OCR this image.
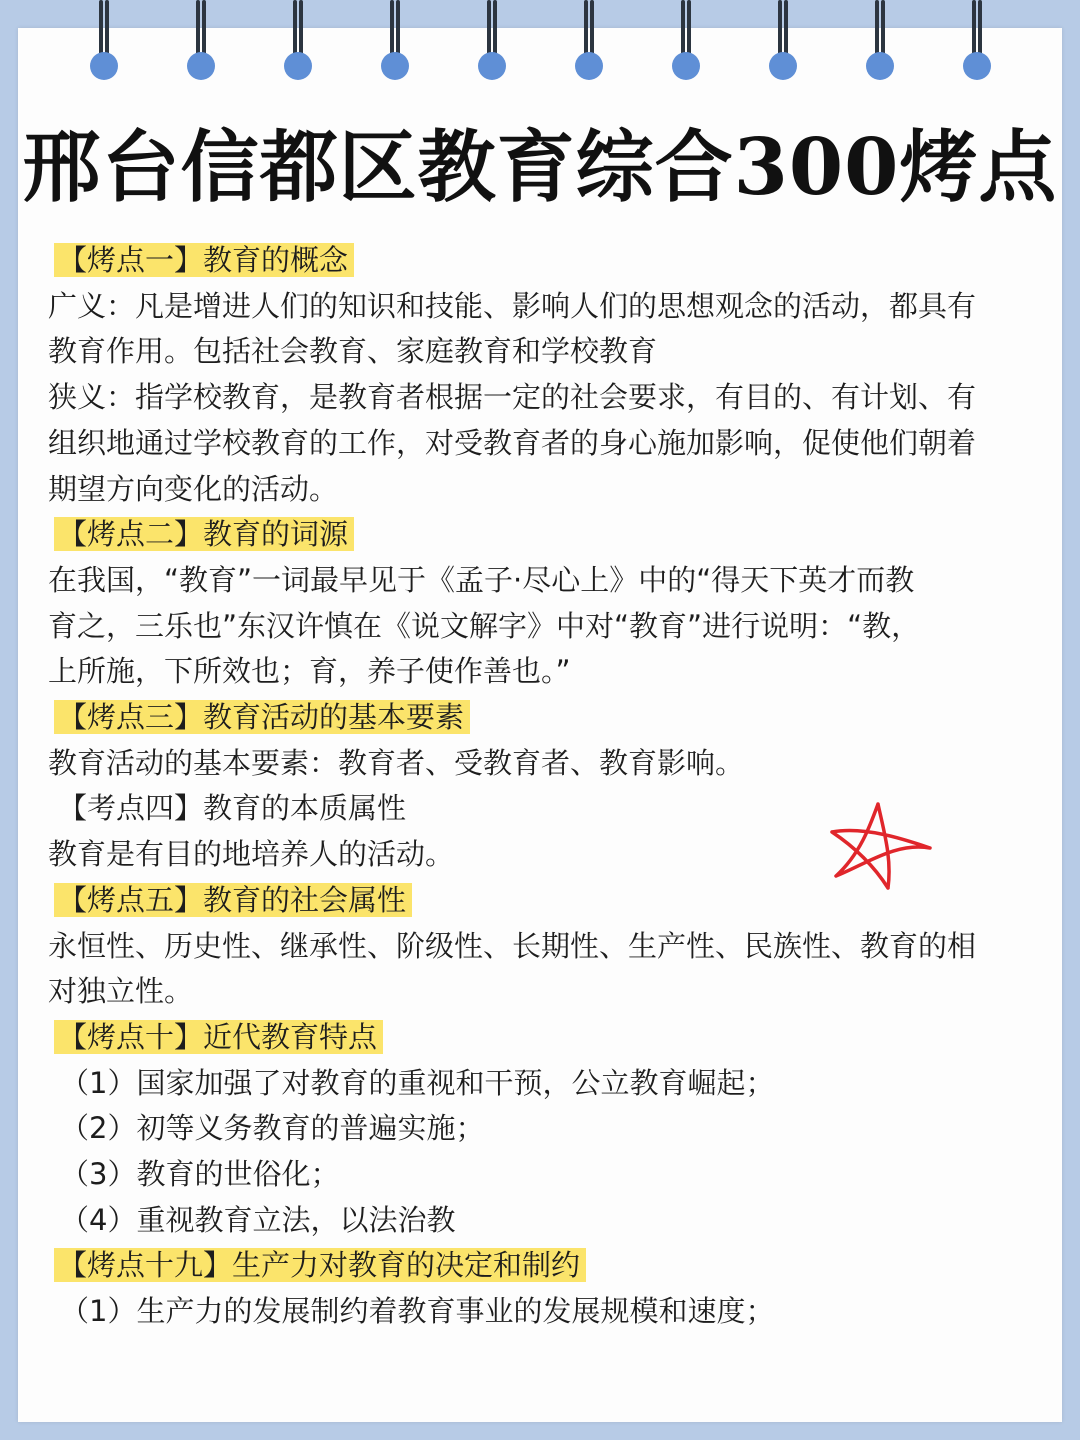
邢台信都区教育综合300烤点
【烤点一】教育的概念
广义：凡是增进人们的知识和技能、影响人们的思想观念的活动，都具有
教育作用。包括社会教育、家庭教育和学校教育
狭义：指学校教育，是教育者根据一定的社会要求，有目的、有计划、有
组织地通过学校教育的工作，对受教育者的身心施加影响，促使他们朝着
期望方向变化的活动。
【烤点二】教育的词源
在我国，“教育”一词最早见于《孟子·尽心上》中的“得天下英才而教
育之，三乐也”东汉许慎在《说文解字》中对“教育”进行说明：“教，
上所施，下所效也；育，养子使作善也。”
【烤点三】教育活动的基本要素
教育活动的基本要素：教育者、受教育者、教育影响。
【考点四】教育的本质属性
教育是有目的地培养人的活动。
【烤点五】教育的社会属性
永恒性、历史性、继承性、阶级性、长期性、生产性、民族性、教育的相
对独立性。
【烤点十】近代教育特点
（1）国家加强了对教育的重视和干预，公立教育崛起；
（2）初等义务教育的普遍实施；
（3）教育的世俗化；
（4）重视教育立法，以法治教
【烤点十九】生产力对教育的决定和制约
（1）生产力的发展制约着教育事业的发展规模和速度；
